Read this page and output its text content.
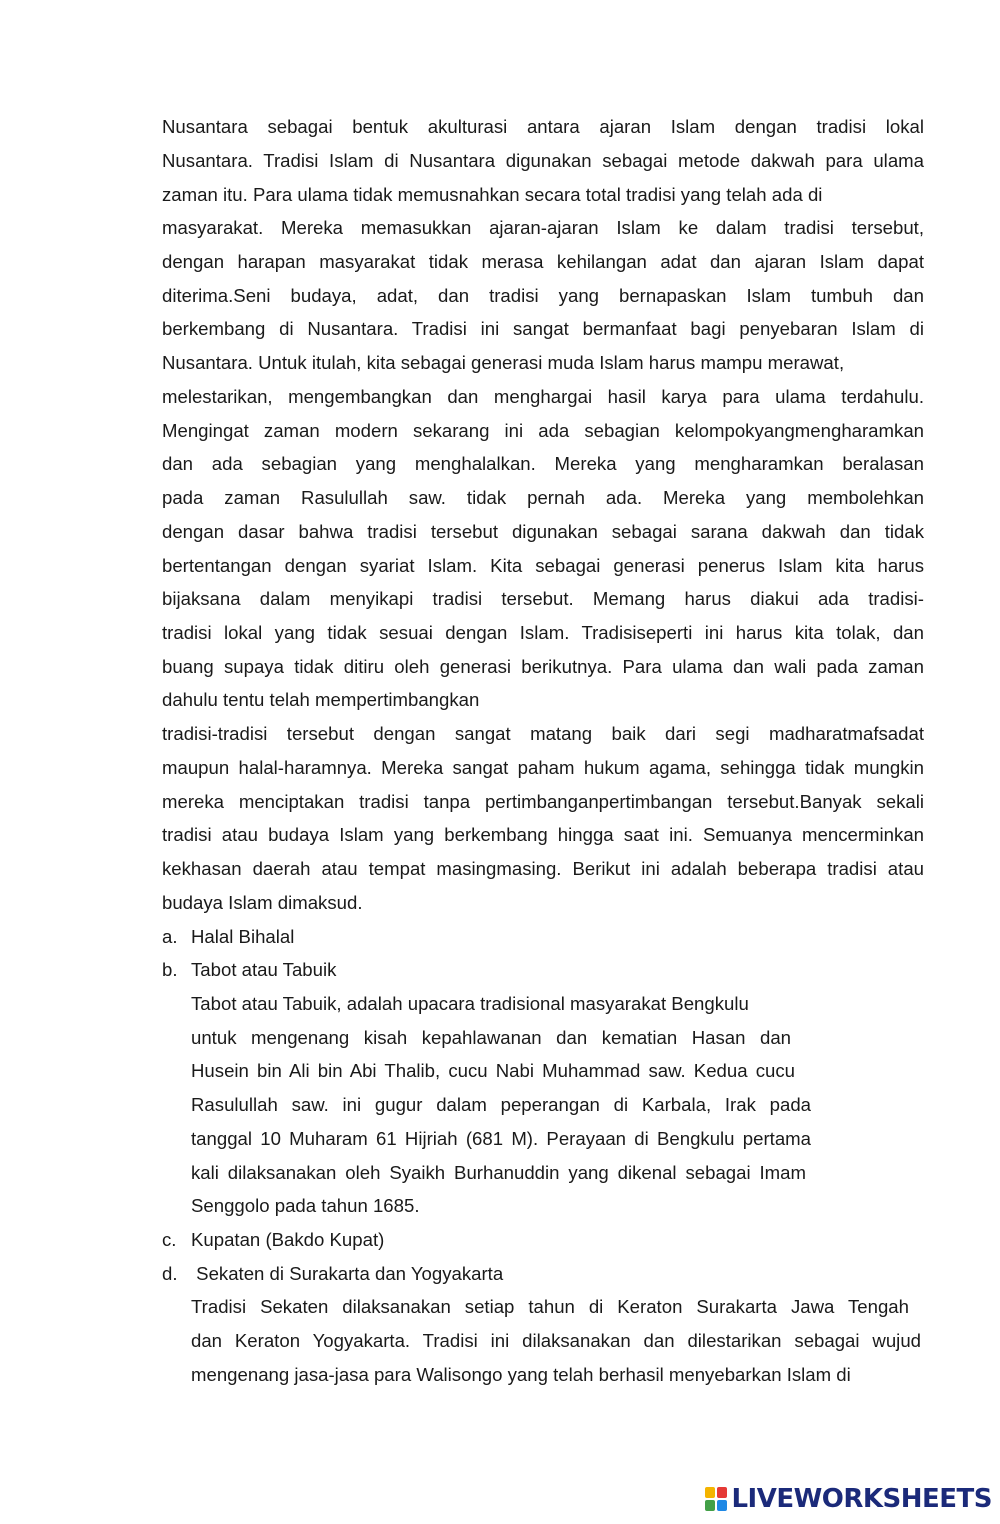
Nusantara sebagai bentuk akulturasi antara ajaran Islam dengan tradisi lokal
Nusantara. Tradisi Islam di Nusantara digunakan sebagai metode dakwah para ulama
zaman itu. Para ulama tidak memusnahkan secara total tradisi yang telah ada di
masyarakat. Mereka memasukkan ajaran-ajaran Islam ke dalam tradisi tersebut,
dengan harapan masyarakat tidak merasa kehilangan adat dan ajaran Islam dapat
diterima.Seni budaya, adat, dan tradisi yang bernapaskan Islam tumbuh dan
berkembang di Nusantara. Tradisi ini sangat bermanfaat bagi penyebaran Islam di
Nusantara. Untuk itulah, kita sebagai generasi muda Islam harus mampu merawat,
melestarikan, mengembangkan dan menghargai hasil karya para ulama terdahulu.
Mengingat zaman modern sekarang ini ada sebagian kelompokyangmengharamkan
dan ada sebagian yang menghalalkan. Mereka yang mengharamkan beralasan
pada zaman Rasulullah saw. tidak pernah ada. Mereka yang membolehkan
dengan dasar bahwa tradisi tersebut digunakan sebagai sarana dakwah dan tidak
bertentangan dengan syariat Islam. Kita sebagai generasi penerus Islam kita harus
bijaksana dalam menyikapi tradisi tersebut. Memang harus diakui ada tradisi-
tradisi lokal yang tidak sesuai dengan Islam. Tradisiseperti ini harus kita tolak, dan
buang supaya tidak ditiru oleh generasi berikutnya. Para ulama dan wali pada zaman
dahulu tentu telah mempertimbangkan
tradisi-tradisi tersebut dengan sangat matang baik dari segi madharatmafsadat
maupun halal-haramnya. Mereka sangat paham hukum agama, sehingga tidak mungkin
mereka menciptakan tradisi tanpa pertimbanganpertimbangan tersebut.Banyak sekali
tradisi atau budaya Islam yang berkembang hingga saat ini. Semuanya mencerminkan
kekhasan daerah atau tempat masingmasing. Berikut ini adalah beberapa tradisi atau
budaya Islam dimaksud.
a. Halal Bihalal
b. Tabot atau Tabuik
Tabot atau Tabuik, adalah upacara tradisional masyarakat Bengkulu
untuk mengenang kisah kepahlawanan dan kematian Hasan dan
Husein bin Ali bin Abi Thalib, cucu Nabi Muhammad saw. Kedua cucu
Rasulullah saw. ini gugur dalam peperangan di Karbala, Irak pada
tanggal 10 Muharam 61 Hijriah (681 M). Perayaan di Bengkulu pertama
kali dilaksanakan oleh Syaikh Burhanuddin yang dikenal sebagai Imam
Senggolo pada tahun 1685.
c. Kupatan (Bakdo Kupat)
d. Sekaten di Surakarta dan Yogyakarta
Tradisi Sekaten dilaksanakan setiap tahun di Keraton Surakarta Jawa Tengah
dan Keraton Yogyakarta. Tradisi ini dilaksanakan dan dilestarikan sebagai wujud
mengenang jasa-jasa para Walisongo yang telah berhasil menyebarkan Islam di
LIVEWORKSHEETS
